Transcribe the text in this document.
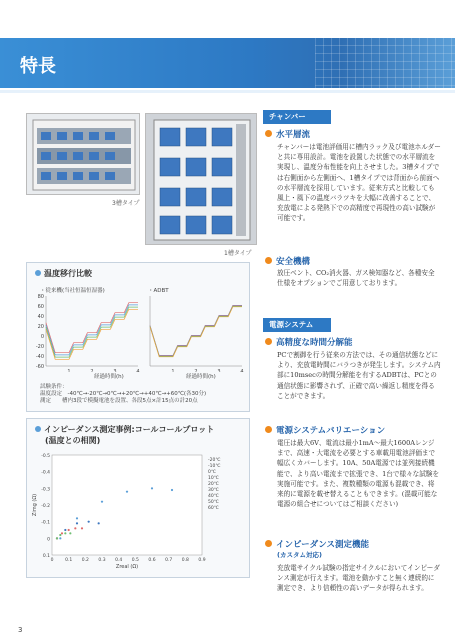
特長
3槽タイプ
1槽タイプ
チャンバー
水平層流
チャンバーは電池評価用に槽内ラック及び電池ホルダーと共に専用設計。電池を設置した状態での水平層流を実現し、温度分布性能を向上させました。3槽タイプでは右側面から左側面へ、1槽タイプでは背面から前面への水平層流を採用しています。従来方式と比較しても風上・風下の温度バラツキを大幅に改善することで、充放電による発熱下での高精度で再現性の高い試験が可能です。
安全機構
放圧ベント、CO₂消火器、ガス検知器など、各種安全仕様をオプションでご用意しております。
電源システム
高精度な時間分解能
PCで割御を行う従来の方法では、その通信状態などにより、充放電時間にバラつきが発生します。システム内部に10msecの時間分解能を有するADBTは、PCとの通信状態に影響されず、正確で高い繰返し精度を得ることができます。
電源システムバリエーション
電圧は最大6V、電流は最小1mA〜最大1600Aレンジまで、高速・大電流を必要とする車載用電池評価まで幅広くカバーします。10A、50A電源では並列接続機能で、より高い電流まで拡張でき、1台で様々な試験を実施可能です。また、複数種類の電源も混載でき、将来的に電源を載せ替えることもできます。(混載可能な電源の組合せについてはご相談ください)
インピーダンス測定機能
(カスタム対応)
充放電サイクル試験の指定サイクルにおいてインピーダンス測定が行えます。電池を動かすこと無く連続的に測定でき、より信頼性の高いデータが得られます。
温度移行比較
・従来機(当社恒温恒湿器)	・ADBT
80
60
40
20
0
-20
-40
-60
1	2	3	4	1	2	3	4
経過時間(h)	経過時間(h)
試験条件：
温度設定　-40℃→-20℃→0℃→+20℃→+40℃→+60℃(各30分)
測定　　槽内3段で模擬電池を設置、各段5点×計15点の計20点
インピーダンス測定事例:コールコールプロット
(温度との相関)
-0.5
-0.4
-0.3
-0.2
-0.1
0
0.1
0	0.1 0.2 0.3 0.4 0.5 0.6 0.7 0.8 0.9
Zreal (Ω)
Zimg (Ω)
-20℃
-10℃
0℃
10℃
20℃
30℃
40℃
50℃
60℃
3
